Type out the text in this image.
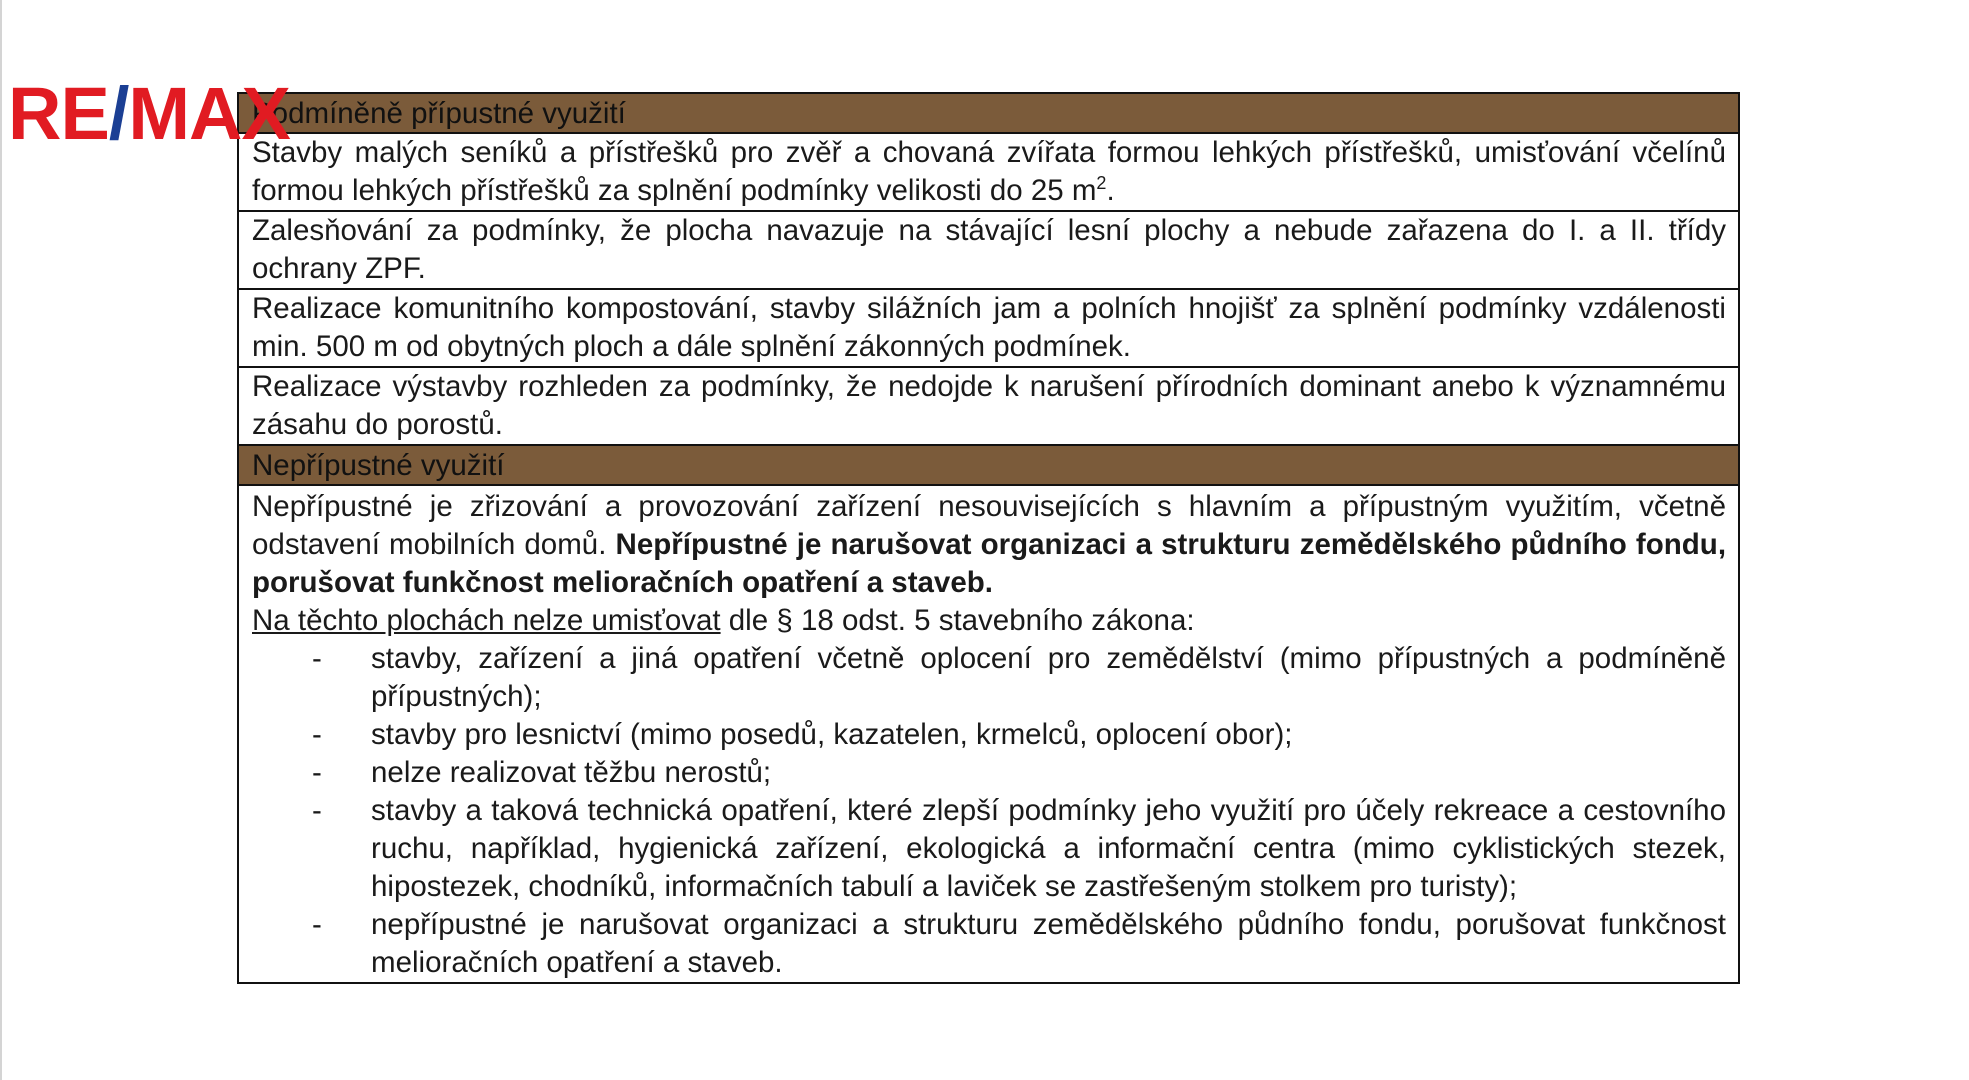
RE/MAX
Podmíněně přípustné využití

Stavby malých seníků a přístřešků pro zvěř a chovaná zvířata formou lehkých přístřešků, umisťování včelínů formou lehkých přístřešků za splnění podmínky velikosti do 25 $m^2$.

Zalesňování za podmínky, že plocha navazuje na stávající lesní plochy a nebude zařazena do I. a II. třídy ochrany ZPF.

Realizace komunitního kompostování, stavby silážních jam a polních hnojišť za splnění podmínky vzdálenosti min. 500 m od obytných ploch a dále splnění zákonných podmínek.

Realizace výstavby rozhleden za podmínky, že nedojde k narušení přírodních dominant anebo k významnému zásahu do porostů.

Nepřípustné využití

Nepřípustné je zřizování a provozování zařízení nesouvisejících s hlavním a přípustným využitím, včetně odstavení mobilních domů. Nepřípustné je narušovat organizaci a strukturu zemědělského půdního fondu, porušovat funkčnost melioračních opatření a staveb.

Na těchto plochách nelze umisťovat dle § 18 odst. 5 stavebního zákona:

- stavby, zařízení a jiná opatření včetně oplocení pro zemědělství (mimo přípustných a podmíněně přípustných);
- stavby pro lesnictví (mimo posedů, kazatelen, krmelců, oplocení obor);
- nelze realizovat těžbu nerostů;
- stavby a taková technická opatření, které zlepší podmínky jeho využití pro účely rekreace a cestovního ruchu, například, hygienická zařízení, ekologická a informační centra (mimo cyklistických stezek, hipostezek, chodníků, informačních tabulí a laviček se zastřešeným stolkem pro turisty);
- nepřípustné je narušovat organizaci a strukturu zemědělského půdního fondu, porušovat funkčnost melioračních opatření a staveb.
